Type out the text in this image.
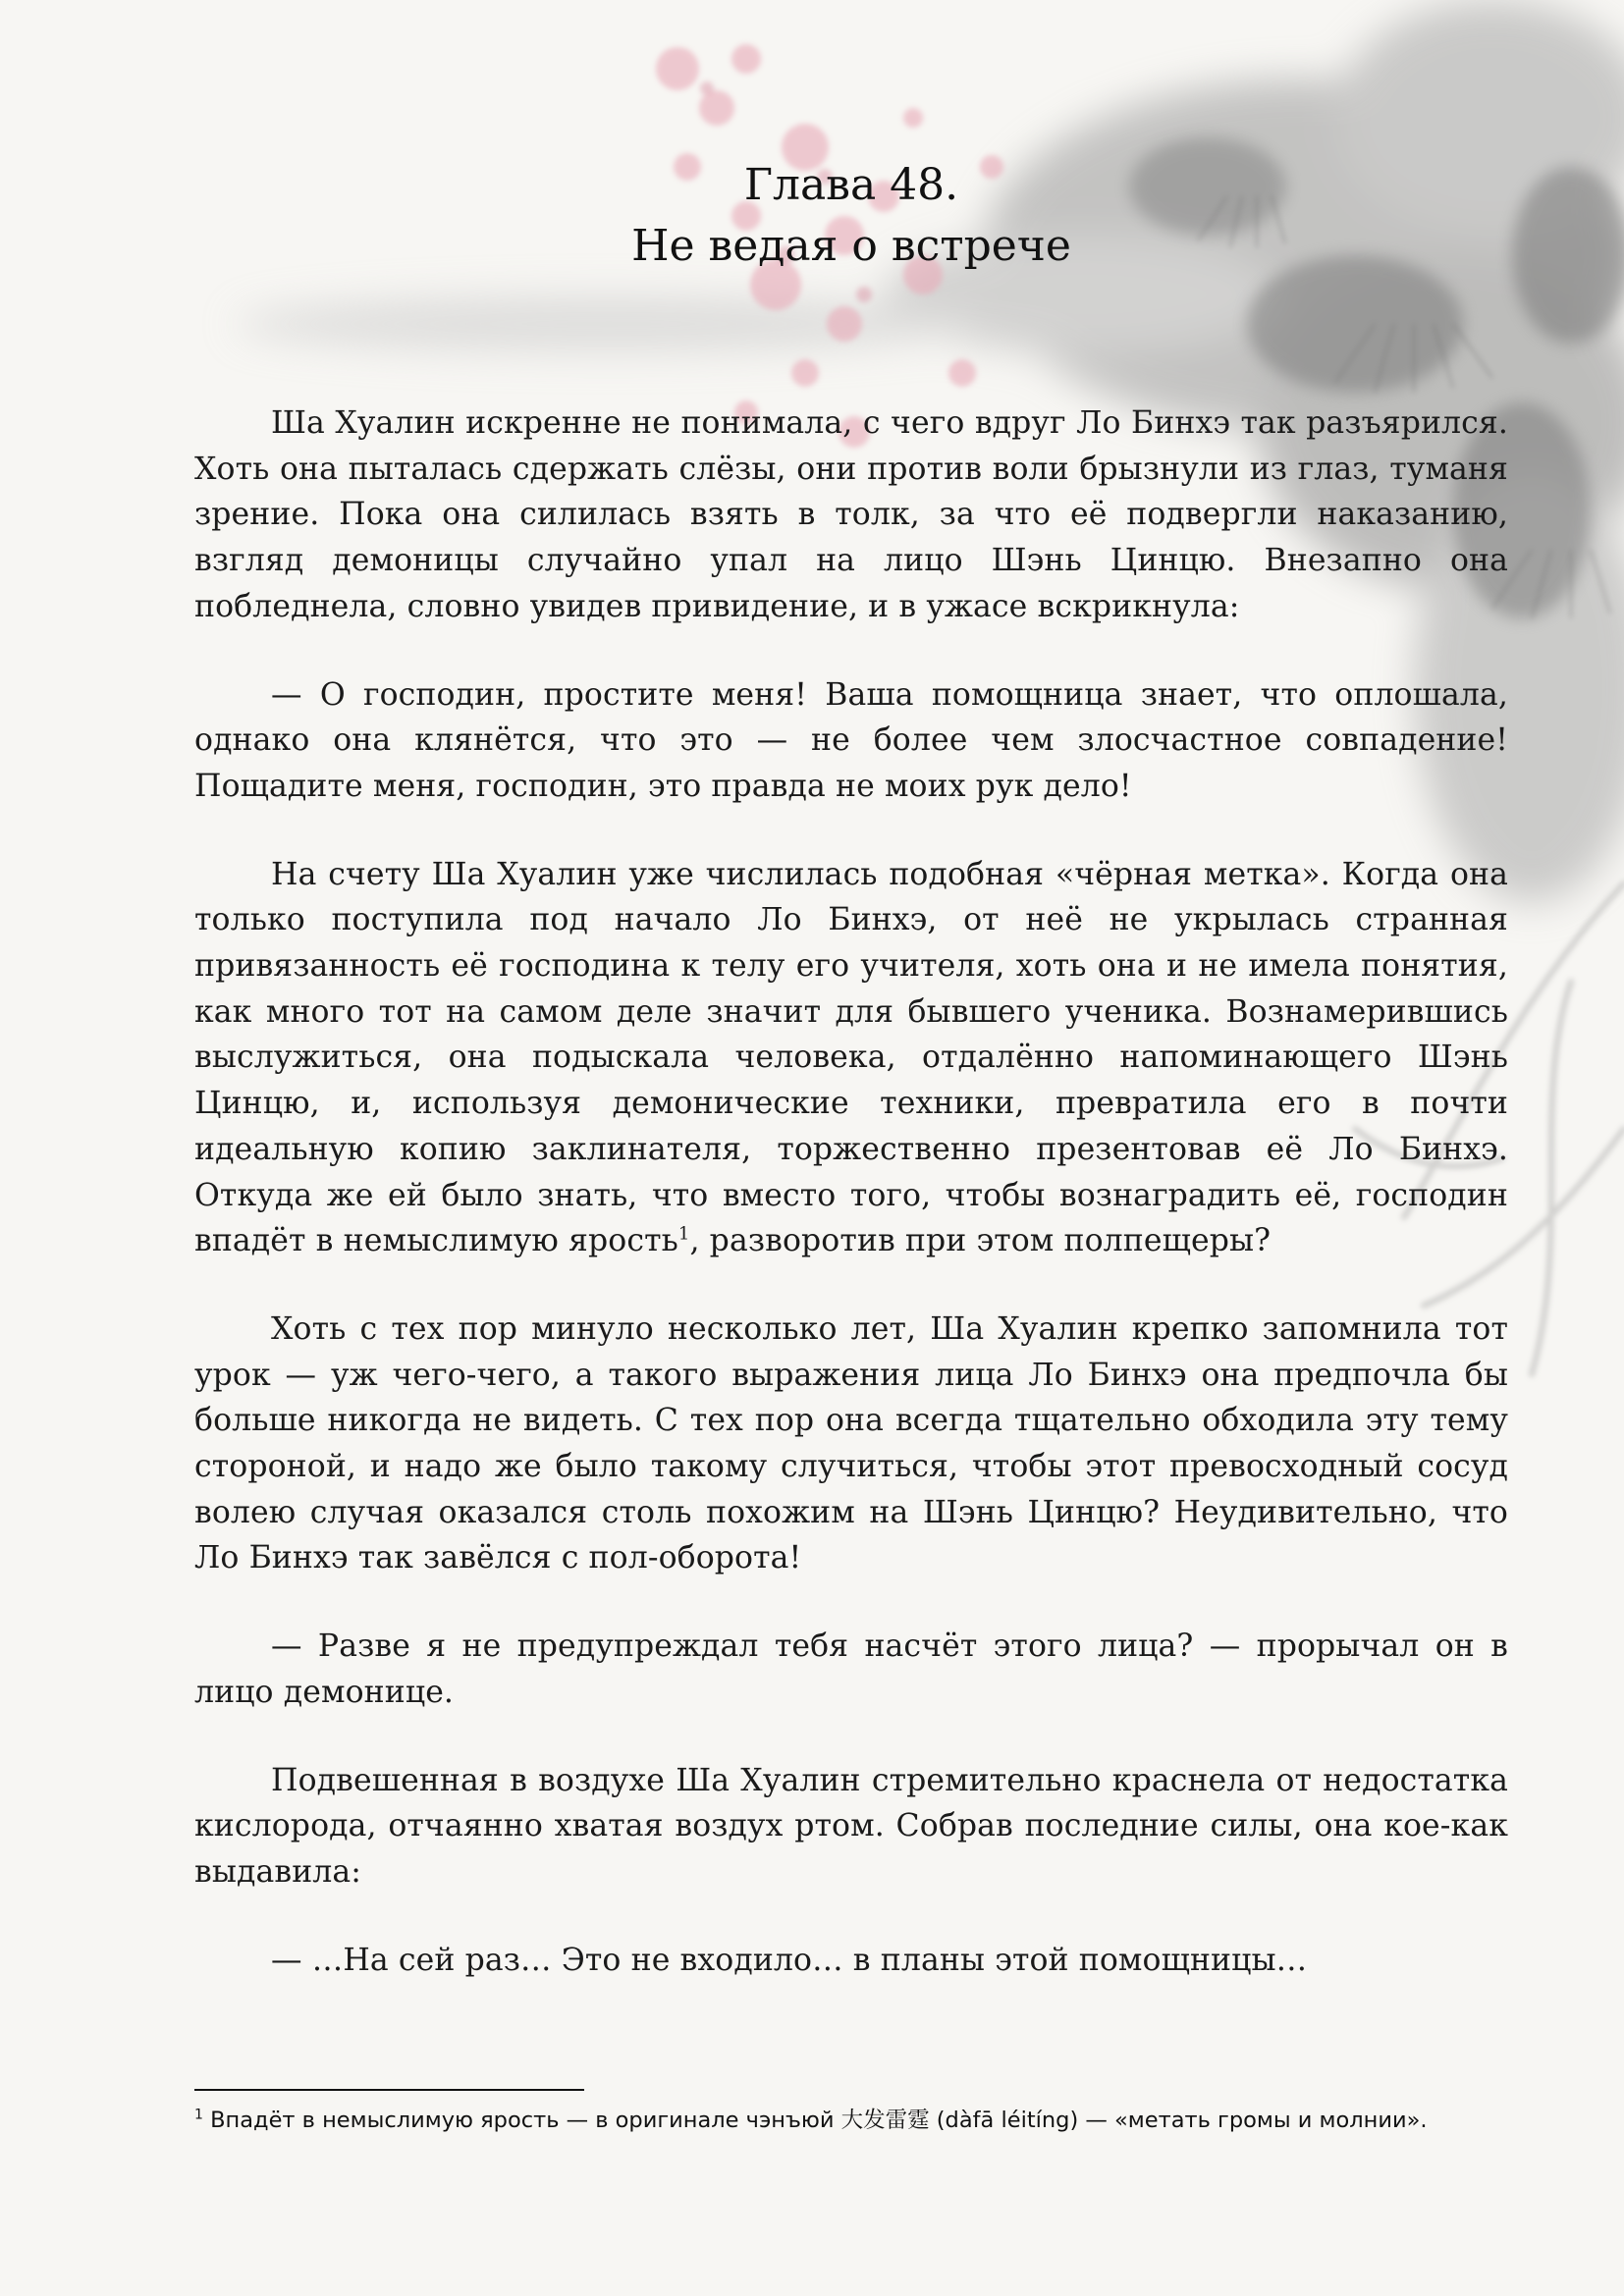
Глава 48.
Не ведая о встрече

Ша Хуалин искренне не понимала, с чего вдруг Ло Бинхэ так разъярился. Хоть она пыталась сдержать слёзы, они против воли брызнули из глаз, туманя зрение. Пока она силилась взять в толк, за что её подвергли наказанию, взгляд демоницы случайно упал на лицо Шэнь Цинцю. Внезапно она побледнела, словно увидев привидение, и в ужасе вскрикнула:

— О господин, простите меня! Ваша помощница знает, что оплошала, однако она клянётся, что это — не более чем злосчастное совпадение! Пощадите меня, господин, это правда не моих рук дело!

На счету Ша Хуалин уже числилась подобная «чёрная метка». Когда она только поступила под начало Ло Бинхэ, от неё не укрылась странная привязанность её господина к телу его учителя, хоть она и не имела понятия, как много тот на самом деле значит для бывшего ученика. Вознамерившись выслужиться, она подыскала человека, отдалённо напоминающего Шэнь Цинцю, и, используя демонические техники, превратила его в почти идеальную копию заклинателя, торжественно презентовав её Ло Бинхэ. Откуда же ей было знать, что вместо того, чтобы вознаградить её, господин впадёт в немыслимую ярость$^1$, разворотив при этом полпещеры?

Хоть с тех пор минуло несколько лет, Ша Хуалин крепко запомнила тот урок — уж чего-чего, а такого выражения лица Ло Бинхэ она предпочла бы больше никогда не видеть. С тех пор она всегда тщательно обходила эту тему стороной, и надо же было такому случиться, чтобы этот превосходный сосуд волею случая оказался столь похожим на Шэнь Цинцю? Неудивительно, что Ло Бинхэ так завёлся с пол-оборота!

— Разве я не предупреждал тебя насчёт этого лица? — прорычал он в лицо демонице.

Подвешенная в воздухе Ша Хуалин стремительно краснела от недостатка кислорода, отчаянно хватая воздух ртом. Собрав последние силы, она кое-как выдавила:

— …На сей раз… Это не входило… в планы этой помощницы…

$^1$ Впадёт в немыслимую ярость — в оригинале чэнъюй 大发雷霆 (dàfā léitíng) — «метать громы и молнии».
